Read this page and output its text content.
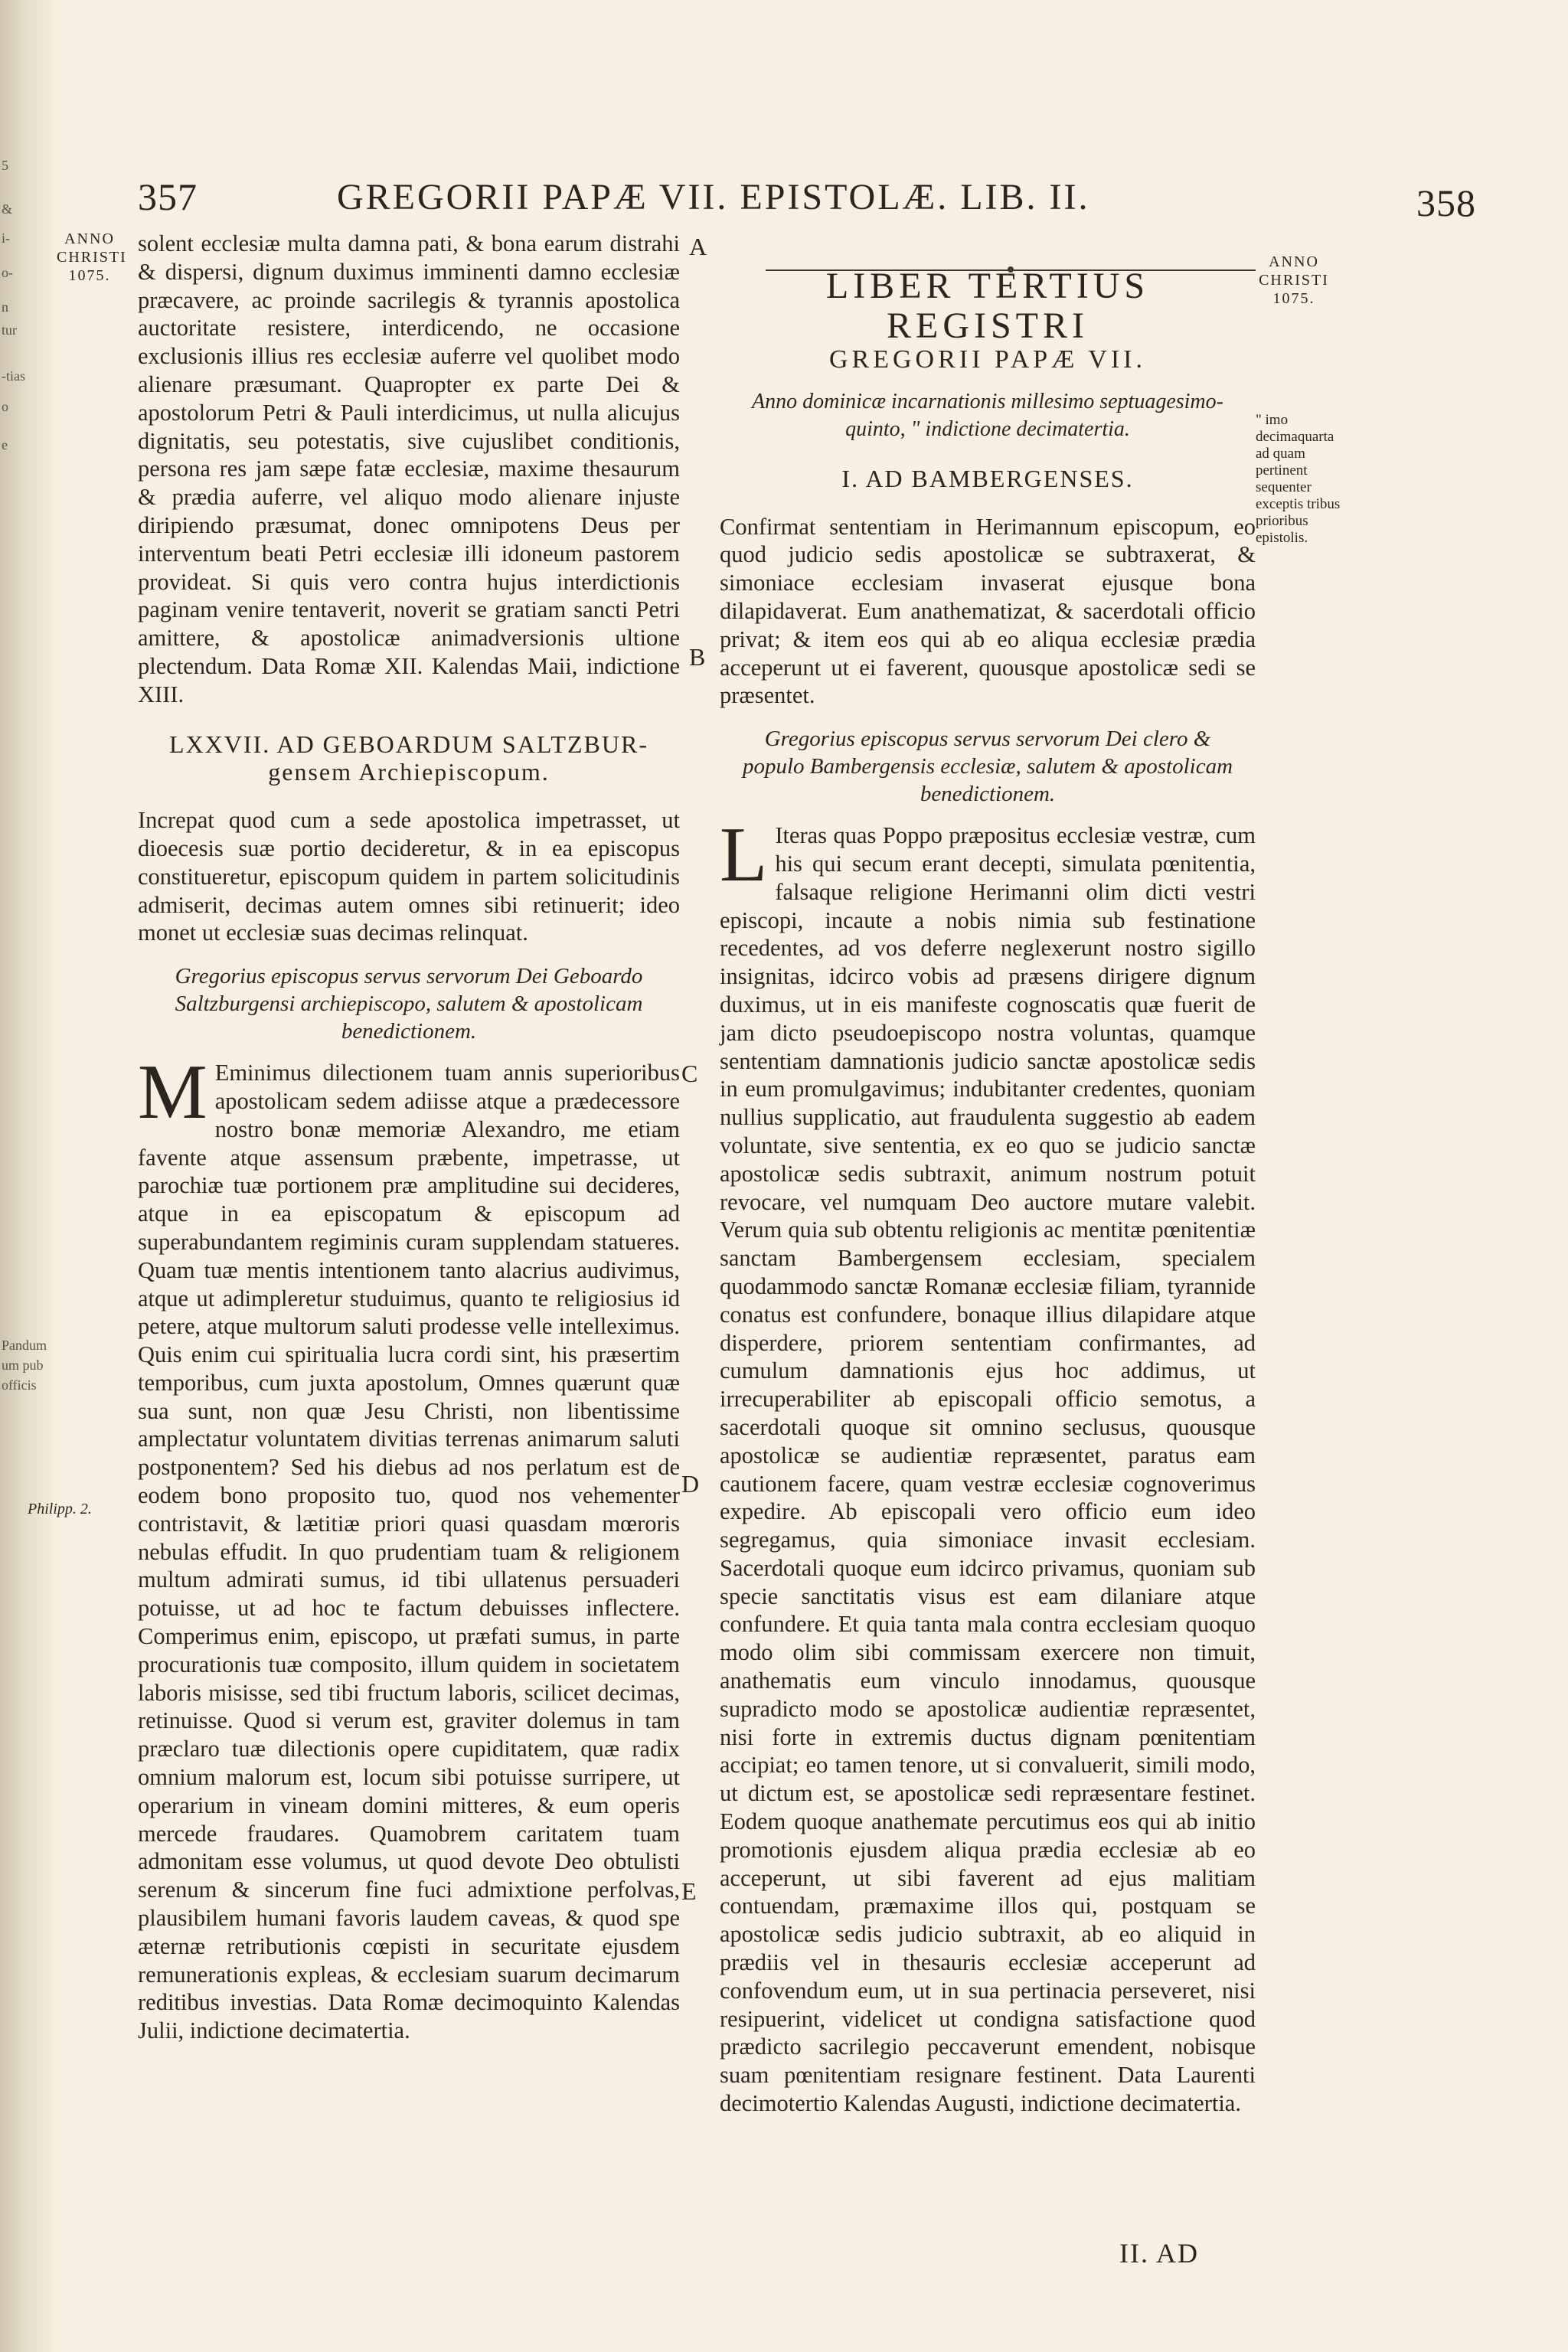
5
&
i-
o-
n
tur
-tias
o
e
Pandum
um pub
officis
357	GREGORII PAPÆ VII. EPISTOLÆ. LIB. II.	358
ANNO
CHRISTI
1075.
ANNO
CHRISTI
1075.
" imo decimaquarta ad quam pertinent sequenter exceptis tribus prioribus epistolis.
Philipp. 2.
A
B
C
D
E

solent ecclesiæ multa damna pati, & bona earum distrahi & dispersi, dignum duximus imminenti damno ecclesiæ præcavere, ac proinde sacrilegis & tyrannis apostolica auctoritate resistere, interdicendo, ne occasione exclusionis illius res ecclesiæ auferre vel quolibet modo alienare præsumant. Quapropter ex parte Dei & apostolorum Petri & Pauli interdicimus, ut nulla alicujus dignitatis, seu potestatis, sive cujuslibet conditionis, persona res jam sæpe fatæ ecclesiæ, maxime thesaurum & prædia auferre, vel aliquo modo alienare injuste diripiendo præsumat, donec omnipotens Deus per interventum beati Petri ecclesiæ illi idoneum pastorem provideat. Si quis vero contra hujus interdictionis paginam venire tentaverit, noverit se gratiam sancti Petri amittere, & apostolicæ animadversionis ultione plectendum. Data Romæ XII. Kalendas Maii, indictione XIII.

LXXVII. AD GEBOARDUM SALTZBUR-
gensem Archiepiscopum.

Increpat quod cum a sede apostolica impetrasset, ut dioecesis suæ portio decideretur, & in ea episcopus constitueretur, episcopum quidem in partem solicitudinis admiserit, decimas autem omnes sibi retinuerit; ideo monet ut ecclesiæ suas decimas relinquat.

Gregorius episcopus servus servorum Dei Geboardo Saltzburgensi archiepiscopo, salutem & apostolicam benedictionem.

M Eminimus dilectionem tuam annis superioribus apostolicam sedem adiisse atque a prædecessore nostro bonæ memoriæ Alexandro, me etiam favente atque assensum præbente, impetrasse, ut parochiæ tuæ portionem præ amplitudine sui decideres, atque in ea episcopatum & episcopum ad superabundantem regiminis curam supplendam statueres. Quam tuæ mentis intentionem tanto alacrius audivimus, atque ut adimpleretur studuimus, quanto te religiosius id petere, atque multorum saluti prodesse velle intelleximus. Quis enim cui spiritualia lucra cordi sint, his præsertim temporibus, cum juxta apostolum, Omnes quærunt quæ sua sunt, non quæ Jesu Christi, non libentissime amplectatur voluntatem divitias terrenas animarum saluti postponentem? Sed his diebus ad nos perlatum est de eodem bono proposito tuo, quod nos vehementer contristavit, & lætitiæ priori quasi quasdam mœroris nebulas effudit. In quo prudentiam tuam & religionem multum admirati sumus, id tibi ullatenus persuaderi potuisse, ut ad hoc te factum debuisses inflectere. Comperimus enim, episcopo, ut præfati sumus, in parte procurationis tuæ composito, illum quidem in societatem laboris misisse, sed tibi fructum laboris, scilicet decimas, retinuisse. Quod si verum est, graviter dolemus in tam præclaro tuæ dilectionis opere cupiditatem, quæ radix omnium malorum est, locum sibi potuisse surripere, ut operarium in vineam domini mitteres, & eum operis mercede fraudares. Quamobrem caritatem tuam admonitam esse volumus, ut quod devote Deo obtulisti serenum & sincerum fine fuci admixtione perfolvas, plausibilem humani favoris laudem caveas, & quod spe æternæ retributionis cœpisti in securitate ejusdem remunerationis expleas, & ecclesiam suarum decimarum reditibus investias. Data Romæ decimoquinto Kalendas Julii, indictione decimatertia.

LIBER TERTIUS REGISTRI

GREGORII PAPÆ VII.

Anno dominicæ incarnationis millesimo septuagesimo-quinto, " indictione decimatertia.

I. AD BAMBERGENSES.

Confirmat sententiam in Herimannum episcopum, eo quod judicio sedis apostolicæ se subtraxerat, & simoniace ecclesiam invaserat ejusque bona dilapidaverat. Eum anathematizat, & sacerdotali officio privat; & item eos qui ab eo aliqua ecclesiæ prædia acceperunt ut ei faverent, quousque apostolicæ sedi se præsentet.

Gregorius episcopus servus servorum Dei clero & populo Bambergensis ecclesiæ, salutem & apostolicam benedictionem.

L Iteras quas Poppo præpositus ecclesiæ vestræ, cum his qui secum erant decepti, simulata pœnitentia, falsaque religione Herimanni olim dicti vestri episcopi, incaute a nobis nimia sub festinatione recedentes, ad vos deferre neglexerunt nostro sigillo insignitas, idcirco vobis ad præsens dirigere dignum duximus, ut in eis manifeste cognoscatis quæ fuerit de jam dicto pseudoepiscopo nostra voluntas, quamque sententiam damnationis judicio sanctæ apostolicæ sedis in eum promulgavimus; indubitanter credentes, quoniam nullius supplicatio, aut fraudulenta suggestio ab eadem voluntate, sive sententia, ex eo quo se judicio sanctæ apostolicæ sedis subtraxit, animum nostrum potuit revocare, vel numquam Deo auctore mutare valebit. Verum quia sub obtentu religionis ac mentitæ pœnitentiæ sanctam Bambergensem ecclesiam, specialem quodammodo sanctæ Romanæ ecclesiæ filiam, tyrannide conatus est confundere, bonaque illius dilapidare atque disperdere, priorem sententiam confirmantes, ad cumulum damnationis ejus hoc addimus, ut irrecuperabiliter ab episcopali officio semotus, a sacerdotali quoque sit omnino seclusus, quousque apostolicæ se audientiæ repræsentet, paratus eam cautionem facere, quam vestræ ecclesiæ cognoverimus expedire. Ab episcopali vero officio eum ideo segregamus, quia simoniace invasit ecclesiam. Sacerdotali quoque eum idcirco privamus, quoniam sub specie sanctitatis visus est eam dilaniare atque confundere. Et quia tanta mala contra ecclesiam quoquo modo olim sibi commissam exercere non timuit, anathematis eum vinculo innodamus, quousque supradicto modo se apostolicæ audientiæ repræsentet, nisi forte in extremis ductus dignam pœnitentiam accipiat; eo tamen tenore, ut si convaluerit, simili modo, ut dictum est, se apostolicæ sedi repræsentare festinet. Eodem quoque anathemate percutimus eos qui ab initio promotionis ejusdem aliqua prædia ecclesiæ ab eo acceperunt, ut sibi faverent ad ejus malitiam contuendam, præmaxime illos qui, postquam se apostolicæ sedis judicio subtraxit, ab eo aliquid in prædiis vel in thesauris ecclesiæ acceperunt ad confovendum eum, ut in sua pertinacia perseveret, nisi resipuerint, videlicet ut condigna satisfactione quod prædicto sacrilegio peccaverunt emendent, nobisque suam pœnitentiam resignare festinent. Data Laurenti decimotertio Kalendas Augusti, indictione decimatertia.

II. AD
